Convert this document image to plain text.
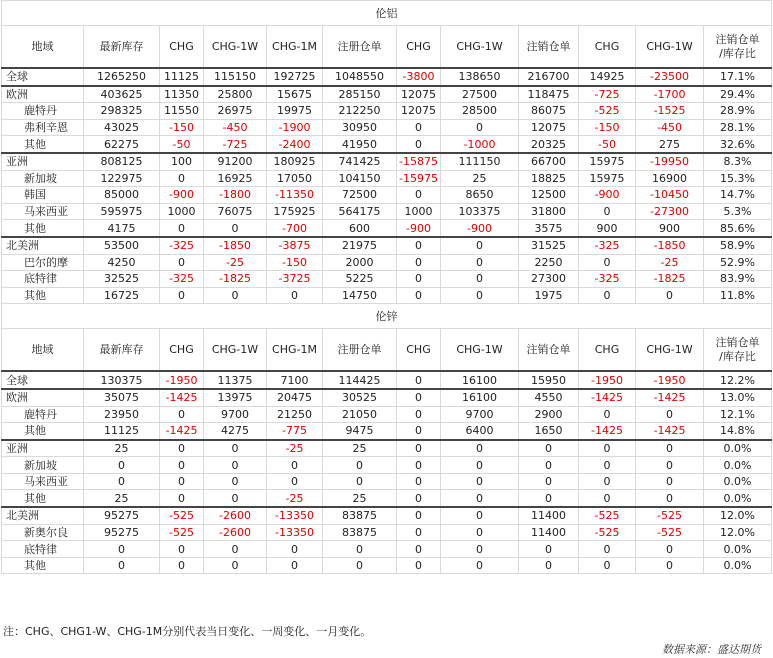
伦铝											
地域	最新库存	CHG	CHG-1W	CHG-1M	注册仓单	CHG	CHG-1W	注销仓单	CHG	CHG-1W	注销仓单
/库存比
全球	1265250	11125	115150	192725	1048550	-3800	138650	216700	14925	-23500	17.1%
欧洲	403625	11350	25800	15675	285150	12075	27500	118475	-725	-1700	29.4%
鹿特丹	298325	11550	26975	19975	212250	12075	28500	86075	-525	-1525	28.9%
弗利辛恩	43025	-150	-450	-1900	30950	0	0	12075	-150	-450	28.1%
其他	62275	-50	-725	-2400	41950	0	-1000	20325	-50	275	32.6%
亚洲	808125	100	91200	180925	741425	-15875	111150	66700	15975	-19950	8.3%
新加坡	122975	0	16925	17050	104150	-15975	25	18825	15975	16900	15.3%
韩国	85000	-900	-1800	-11350	72500	0	8650	12500	-900	-10450	14.7%
马来西亚	595975	1000	76075	175925	564175	1000	103375	31800	0	-27300	5.3%
其他	4175	0	0	-700	600	-900	-900	3575	900	900	85.6%
北美洲	53500	-325	-1850	-3875	21975	0	0	31525	-325	-1850	58.9%
巴尔的摩	4250	0	-25	-150	2000	0	0	2250	0	-25	52.9%
底特律	32525	-325	-1825	-3725	5225	0	0	27300	-325	-1825	83.9%
其他	16725	0	0	0	14750	0	0	1975	0	0	11.8%
伦锌											
地域	最新库存	CHG	CHG-1W	CHG-1M	注册仓单	CHG	CHG-1W	注销仓单	CHG	CHG-1W	注销仓单
/库存比
全球	130375	-1950	11375	7100	114425	0	16100	15950	-1950	-1950	12.2%
欧洲	35075	-1425	13975	20475	30525	0	16100	4550	-1425	-1425	13.0%
鹿特丹	23950	0	9700	21250	21050	0	9700	2900	0	0	12.1%
其他	11125	-1425	4275	-775	9475	0	6400	1650	-1425	-1425	14.8%
亚洲	25	0	0	-25	25	0	0	0	0	0	0.0%
新加坡	0	0	0	0	0	0	0	0	0	0	0.0%
马来西亚	0	0	0	0	0	0	0	0	0	0	0.0%
其他	25	0	0	-25	25	0	0	0	0	0	0.0%
北美洲	95275	-525	-2600	-13350	83875	0	0	11400	-525	-525	12.0%
新奥尔良	95275	-525	-2600	-13350	83875	0	0	11400	-525	-525	12.0%
底特律	0	0	0	0	0	0	0	0	0	0	0.0%
其他	0	0	0	0	0	0	0	0	0	0	0.0%
注：CHG、CHG1-W、CHG-1M分别代表当日变化、一周变化、一月变化。
数据来源：盛达期货
